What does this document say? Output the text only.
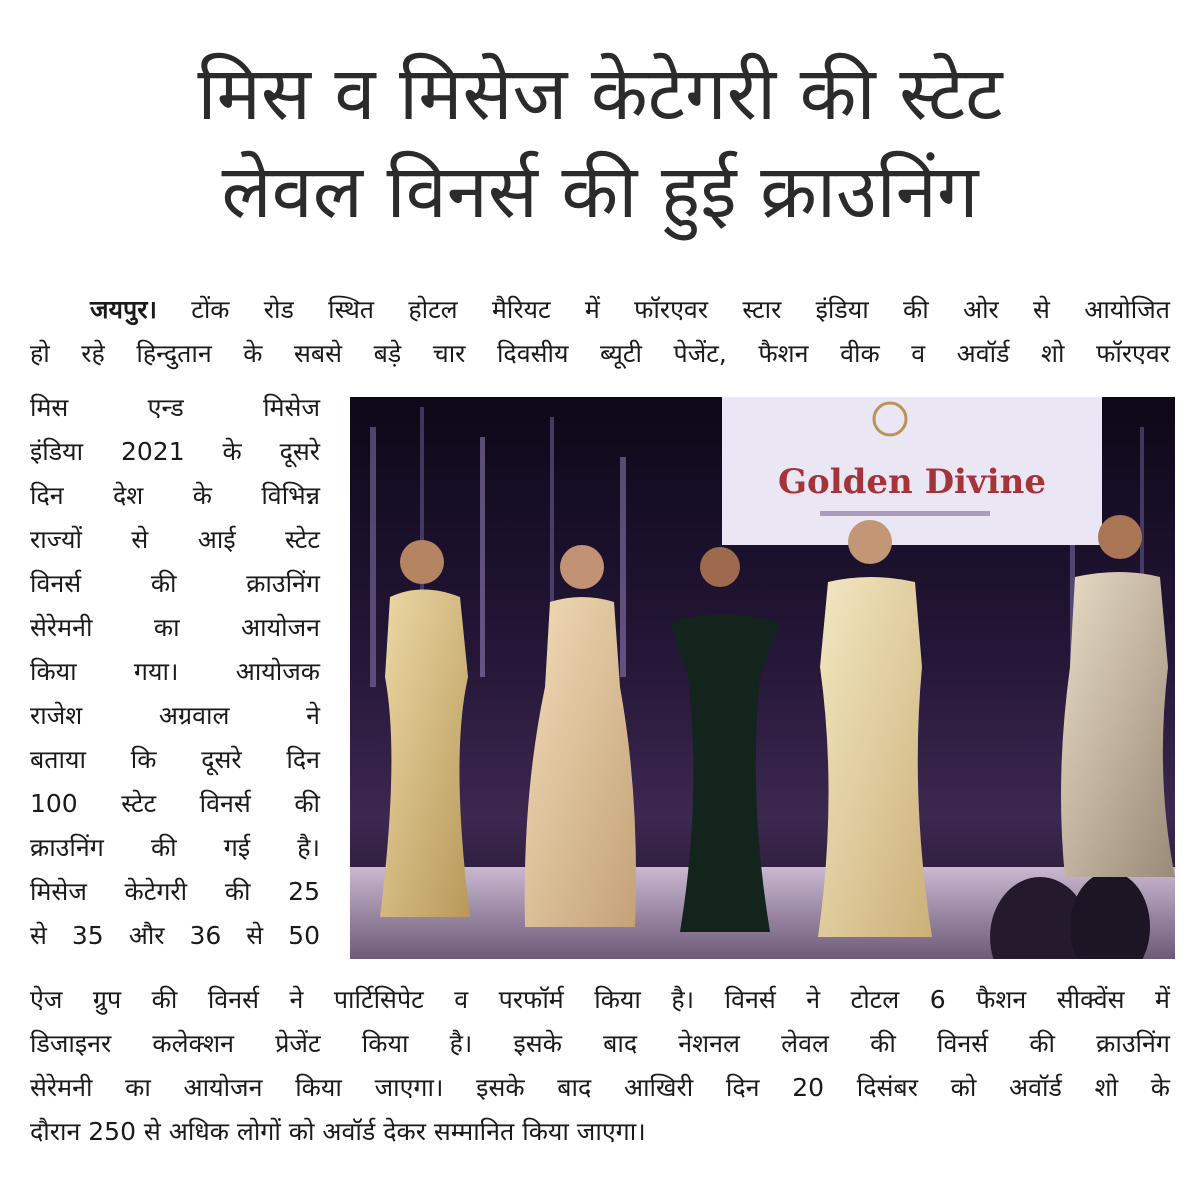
मिस व मिसेज केटेगरी की स्टेट
लेवल विनर्स की हुई क्राउनिंग
जयपुर। टोंक रोड स्थित होटल मैरियट में फॉरएवर स्टार इंडिया की ओर से आयोजित
हो रहे हिन्दुतान के सबसे बड़े चार दिवसीय ब्यूटी पेजेंट, फैशन वीक व अवॉर्ड शो फॉरएवर
मिस एन्ड मिसेज
इंडिया 2021 के दूसरे
दिन देश के विभिन्न
राज्यों से आई स्टेट
विनर्स की क्राउनिंग
सेरेमनी का आयोजन
किया गया। आयोजक
राजेश अग्रवाल ने
बताया कि दूसरे दिन
100 स्टेट विनर्स की
क्राउनिंग की गई है।
मिसेज केटेगरी की 25
से 35 और 36 से 50
Golden Divine
ऐज ग्रुप की विनर्स ने पार्टिसिपेट व परफॉर्म किया है। विनर्स ने टोटल 6 फैशन सीक्वेंस में
डिजाइनर कलेक्शन प्रेजेंट किया है। इसके बाद नेशनल लेवल की विनर्स की क्राउनिंग
सेरेमनी का आयोजन किया जाएगा। इसके बाद आखिरी दिन 20 दिसंबर को अवॉर्ड शो के
दौरान 250 से अधिक लोगों को अवॉर्ड देकर सम्मानित किया जाएगा।
